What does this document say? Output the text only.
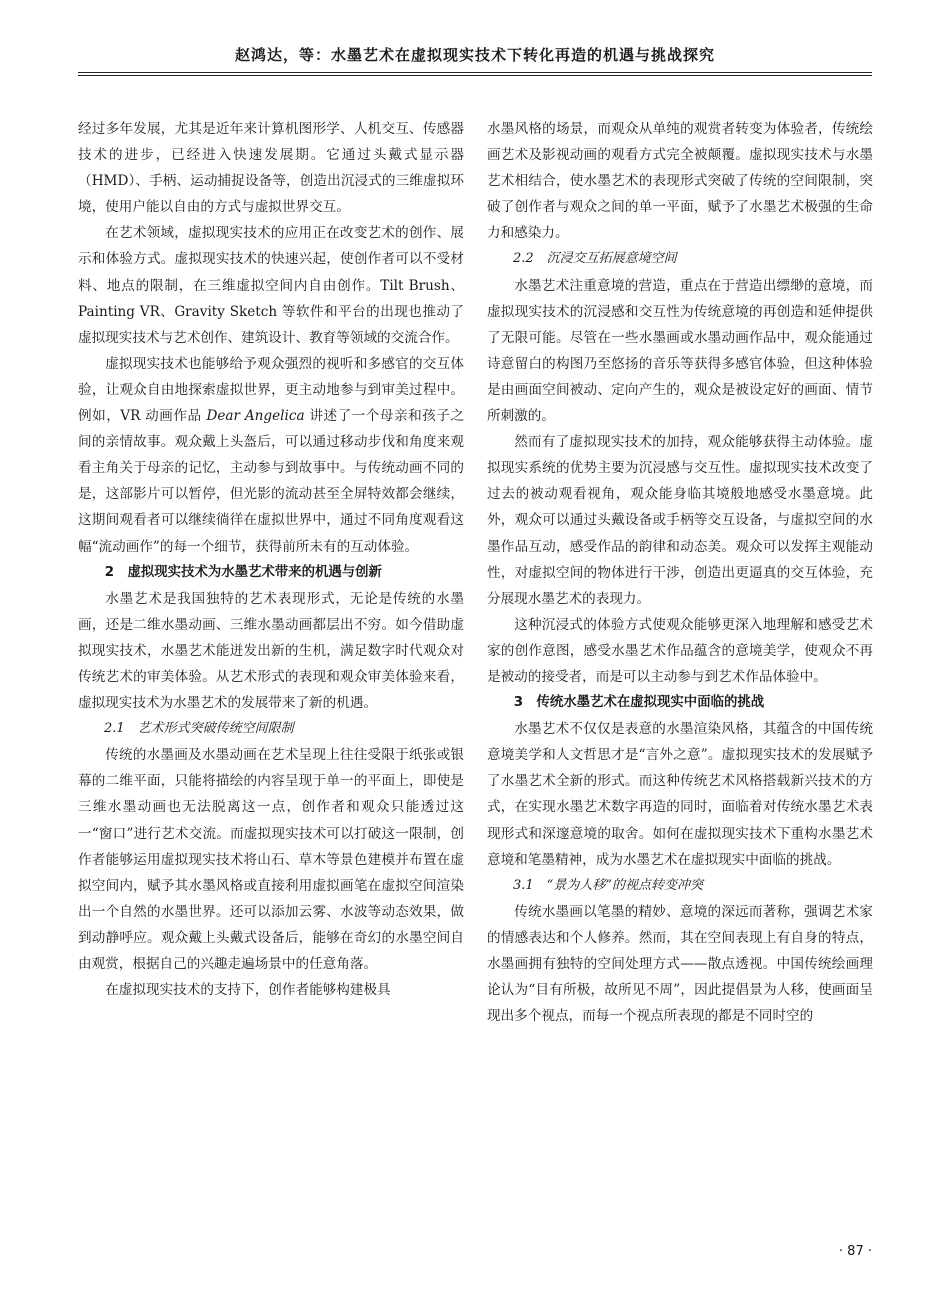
赵鸿达，等：水墨艺术在虚拟现实技术下转化再造的机遇与挑战探究

经过多年发展，尤其是近年来计算机图形学、人机交互、传感器技术的进步，已经进入快速发展期。它通过头戴式显示器（HMD）、手柄、运动捕捉设备等，创造出沉浸式的三维虚拟环境，使用户能以自由的方式与虚拟世界交互。

在艺术领域，虚拟现实技术的应用正在改变艺术的创作、展示和体验方式。虚拟现实技术的快速兴起，使创作者可以不受材料、地点的限制，在三维虚拟空间内自由创作。Tilt Brush、Painting VR、Gravity Sketch 等软件和平台的出现也推动了虚拟现实技术与艺术创作、建筑设计、教育等领域的交流合作。

虚拟现实技术也能够给予观众强烈的视听和多感官的交互体验，让观众自由地探索虚拟世界，更主动地参与到审美过程中。例如，VR 动画作品 Dear Angelica 讲述了一个母亲和孩子之间的亲情故事。观众戴上头盔后，可以通过移动步伐和角度来观看主角关于母亲的记忆，主动参与到故事中。与传统动画不同的是，这部影片可以暂停，但光影的流动甚至全屏特效都会继续，这期间观看者可以继续徜徉在虚拟世界中，通过不同角度观看这幅“流动画作”的每一个细节，获得前所未有的互动体验。

2　虚拟现实技术为水墨艺术带来的机遇与创新

水墨艺术是我国独特的艺术表现形式，无论是传统的水墨画，还是二维水墨动画、三维水墨动画都层出不穷。如今借助虚拟现实技术，水墨艺术能迸发出新的生机，满足数字时代观众对传统艺术的审美体验。从艺术形式的表现和观众审美体验来看，虚拟现实技术为水墨艺术的发展带来了新的机遇。

2.1　艺术形式突破传统空间限制

传统的水墨画及水墨动画在艺术呈现上往往受限于纸张或银幕的二维平面，只能将描绘的内容呈现于单一的平面上，即使是三维水墨动画也无法脱离这一点，创作者和观众只能透过这一“窗口”进行艺术交流。而虚拟现实技术可以打破这一限制，创作者能够运用虚拟现实技术将山石、草木等景色建模并布置在虚拟空间内，赋予其水墨风格或直接利用虚拟画笔在虚拟空间渲染出一个自然的水墨世界。还可以添加云雾、水波等动态效果，做到动静呼应。观众戴上头戴式设备后，能够在奇幻的水墨空间自由观赏，根据自己的兴趣走遍场景中的任意角落。

在虚拟现实技术的支持下，创作者能够构建极具

水墨风格的场景，而观众从单纯的观赏者转变为体验者，传统绘画艺术及影视动画的观看方式完全被颠覆。虚拟现实技术与水墨艺术相结合，使水墨艺术的表现形式突破了传统的空间限制，突破了创作者与观众之间的单一平面，赋予了水墨艺术极强的生命力和感染力。

2.2　沉浸交互拓展意境空间

水墨艺术注重意境的营造，重点在于营造出缥缈的意境，而虚拟现实技术的沉浸感和交互性为传统意境的再创造和延伸提供了无限可能。尽管在一些水墨画或水墨动画作品中，观众能通过诗意留白的构图乃至悠扬的音乐等获得多感官体验，但这种体验是由画面空间被动、定向产生的，观众是被设定好的画面、情节所刺激的。

然而有了虚拟现实技术的加持，观众能够获得主动体验。虚拟现实系统的优势主要为沉浸感与交互性。虚拟现实技术改变了过去的被动观看视角，观众能身临其境般地感受水墨意境。此外，观众可以通过头戴设备或手柄等交互设备，与虚拟空间的水墨作品互动，感受作品的韵律和动态美。观众可以发挥主观能动性，对虚拟空间的物体进行干涉，创造出更逼真的交互体验，充分展现水墨艺术的表现力。

这种沉浸式的体验方式使观众能够更深入地理解和感受艺术家的创作意图，感受水墨艺术作品蕴含的意境美学，使观众不再是被动的接受者，而是可以主动参与到艺术作品体验中。

3　传统水墨艺术在虚拟现实中面临的挑战

水墨艺术不仅仅是表意的水墨渲染风格，其蕴含的中国传统意境美学和人文哲思才是“言外之意”。虚拟现实技术的发展赋予了水墨艺术全新的形式。而这种传统艺术风格搭载新兴技术的方式，在实现水墨艺术数字再造的同时，面临着对传统水墨艺术表现形式和深邃意境的取舍。如何在虚拟现实技术下重构水墨艺术意境和笔墨精神，成为水墨艺术在虚拟现实中面临的挑战。

3.1　“景为人移”的视点转变冲突

传统水墨画以笔墨的精妙、意境的深远而著称，强调艺术家的情感表达和个人修养。然而，其在空间表现上有自身的特点，水墨画拥有独特的空间处理方式——散点透视。中国传统绘画理论认为“目有所极，故所见不周”，因此提倡景为人移，使画面呈现出多个视点，而每一个视点所表现的都是不同时空的

· 87 ·
